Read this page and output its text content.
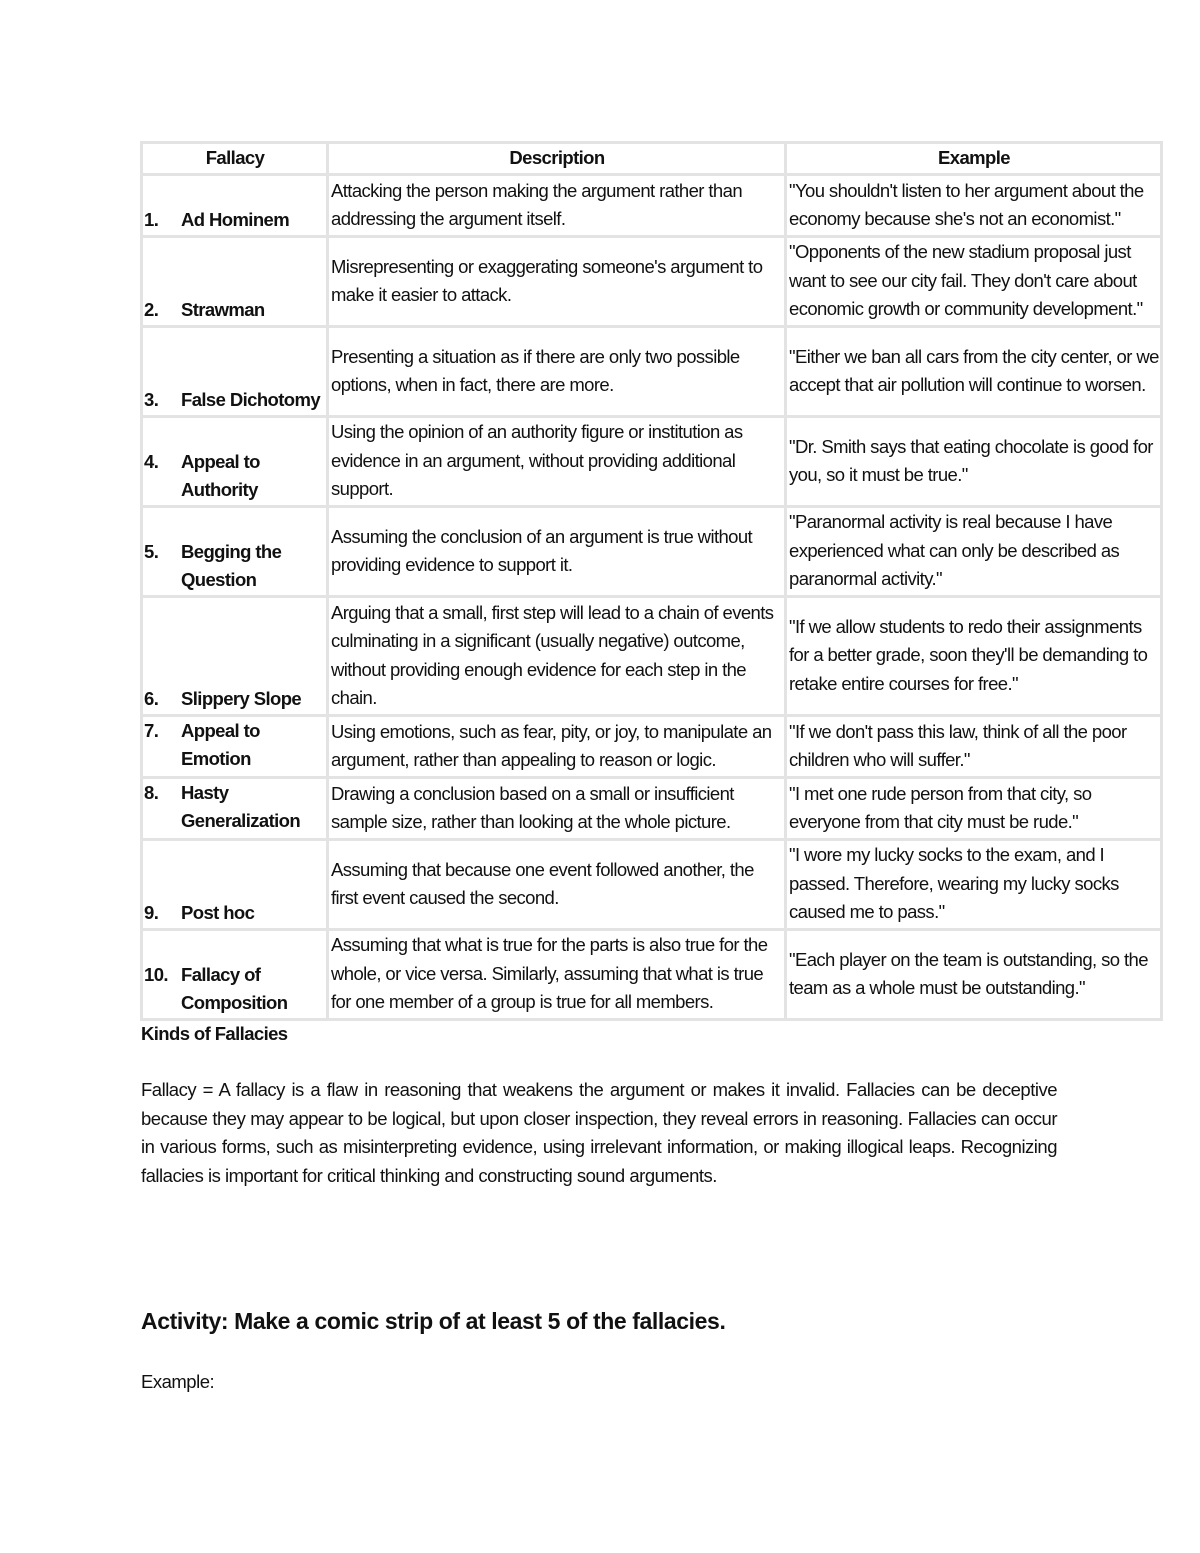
Fallacy	Description	Example

1. Ad Hominem	Attacking the person making the argument rather than addressing the argument itself.	"You shouldn't listen to her argument about the economy because she's not an economist."

2. Strawman	Misrepresenting or exaggerating someone's argument to make it easier to attack.	"Opponents of the new stadium proposal just want to see our city fail. They don't care about economic growth or community development."

3. False Dichotomy	Presenting a situation as if there are only two possible options, when in fact, there are more.	"Either we ban all cars from the city center, or we accept that air pollution will continue to worsen.

4. Appeal to Authority	Using the opinion of an authority figure or institution as evidence in an argument, without providing additional support.	"Dr. Smith says that eating chocolate is good for you, so it must be true."

5. Begging the Question	Assuming the conclusion of an argument is true without providing evidence to support it.	"Paranormal activity is real because I have experienced what can only be described as paranormal activity."

6. Slippery Slope	Arguing that a small, first step will lead to a chain of events culminating in a significant (usually negative) outcome, without providing enough evidence for each step in the chain.	"If we allow students to redo their assignments for a better grade, soon they'll be demanding to retake entire courses for free."

7. Appeal to Emotion	Using emotions, such as fear, pity, or joy, to manipulate an argument, rather than appealing to reason or logic.	"If we don't pass this law, think of all the poor children who will suffer."

8. Hasty Generalization	Drawing a conclusion based on a small or insufficient sample size, rather than looking at the whole picture.	"I met one rude person from that city, so everyone from that city must be rude."

9. Post hoc	Assuming that because one event followed another, the first event caused the second.	"I wore my lucky socks to the exam, and I passed. Therefore, wearing my lucky socks caused me to pass."

10. Fallacy of Composition	Assuming that what is true for the parts is also true for the whole, or vice versa. Similarly, assuming that what is true for one member of a group is true for all members.	"Each player on the team is outstanding, so the team as a whole must be outstanding."
Kinds of Fallacies
Fallacy = A fallacy is a flaw in reasoning that weakens the argument or makes it invalid. Fallacies can be deceptive because they may appear to be logical, but upon closer inspection, they reveal errors in reasoning. Fallacies can occur in various forms, such as misinterpreting evidence, using irrelevant information, or making illogical leaps. Recognizing fallacies is important for critical thinking and constructing sound arguments.
Activity: Make a comic strip of at least 5 of the fallacies.
Example:
